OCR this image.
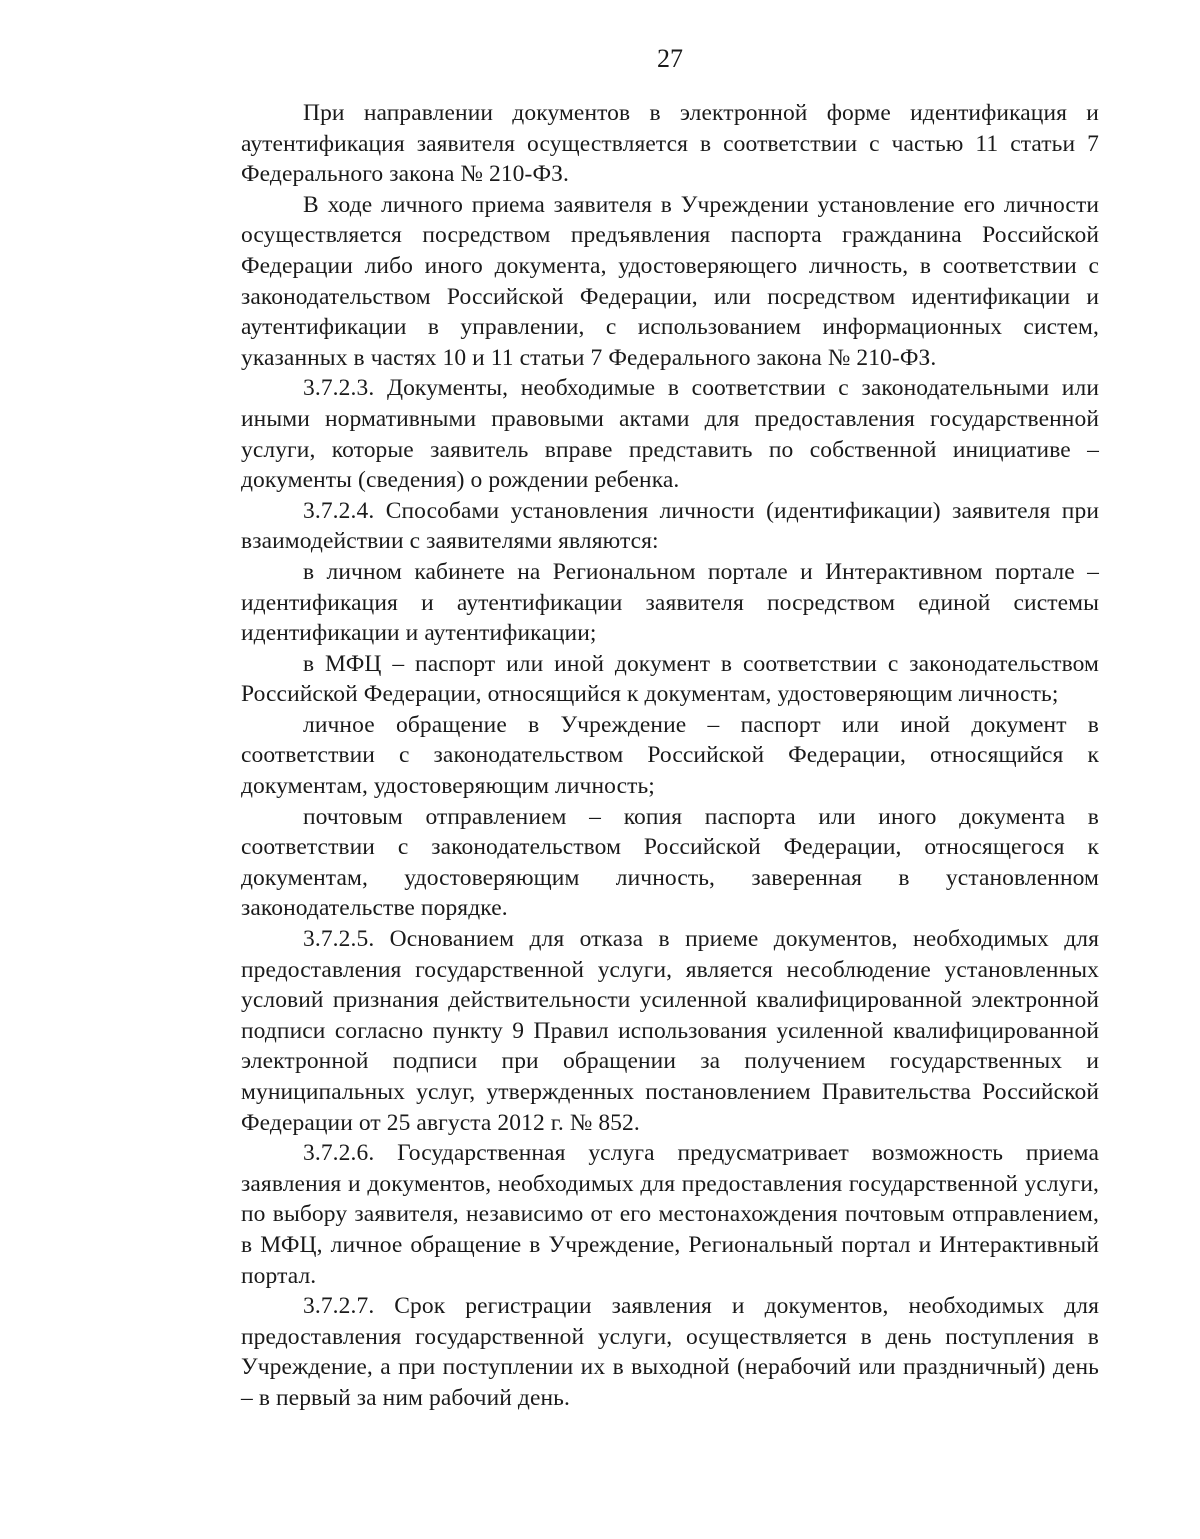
27

При направлении документов в электронной форме идентификация и аутентификация заявителя осуществляется в соответствии с частью 11 статьи 7 Федерального закона № 210-ФЗ.

В ходе личного приема заявителя в Учреждении установление его личности осуществляется посредством предъявления паспорта гражданина Российской Федерации либо иного документа, удостоверяющего личность, в соответствии с законодательством Российской Федерации, или посредством идентификации и аутентификации в управлении, с использованием информационных систем, указанных в частях 10 и 11 статьи 7 Федерального закона № 210-ФЗ.

3.7.2.3. Документы, необходимые в соответствии с законодательными или иными нормативными правовыми актами для предоставления государственной услуги, которые заявитель вправе представить по собственной инициативе – документы (сведения) о рождении ребенка.

3.7.2.4. Способами установления личности (идентификации) заявителя при взаимодействии с заявителями являются:

в личном кабинете на Региональном портале и Интерактивном портале – идентификация и аутентификации заявителя посредством единой системы идентификации и аутентификации;

в МФЦ – паспорт или иной документ в соответствии с законодательством Российской Федерации, относящийся к документам, удостоверяющим личность;

личное обращение в Учреждение – паспорт или иной документ в соответствии с законодательством Российской Федерации, относящийся к документам, удостоверяющим личность;

почтовым отправлением – копия паспорта или иного документа в соответствии с законодательством Российской Федерации, относящегося к документам, удостоверяющим личность, заверенная в установленном законодательстве порядке.

3.7.2.5. Основанием для отказа в приеме документов, необходимых для предоставления государственной услуги, является несоблюдение установленных условий признания действительности усиленной квалифицированной электронной подписи согласно пункту 9 Правил использования усиленной квалифицированной электронной подписи при обращении за получением государственных и муниципальных услуг, утвержденных постановлением Правительства Российской Федерации от 25 августа 2012 г. № 852.

3.7.2.6. Государственная услуга предусматривает возможность приема заявления и документов, необходимых для предоставления государственной услуги, по выбору заявителя, независимо от его местонахождения почтовым отправлением, в МФЦ, личное обращение в Учреждение, Региональный портал и Интерактивный портал.

3.7.2.7. Срок регистрации заявления и документов, необходимых для предоставления государственной услуги, осуществляется в день поступления в Учреждение, а при поступлении их в выходной (нерабочий или праздничный) день – в первый за ним рабочий день.
